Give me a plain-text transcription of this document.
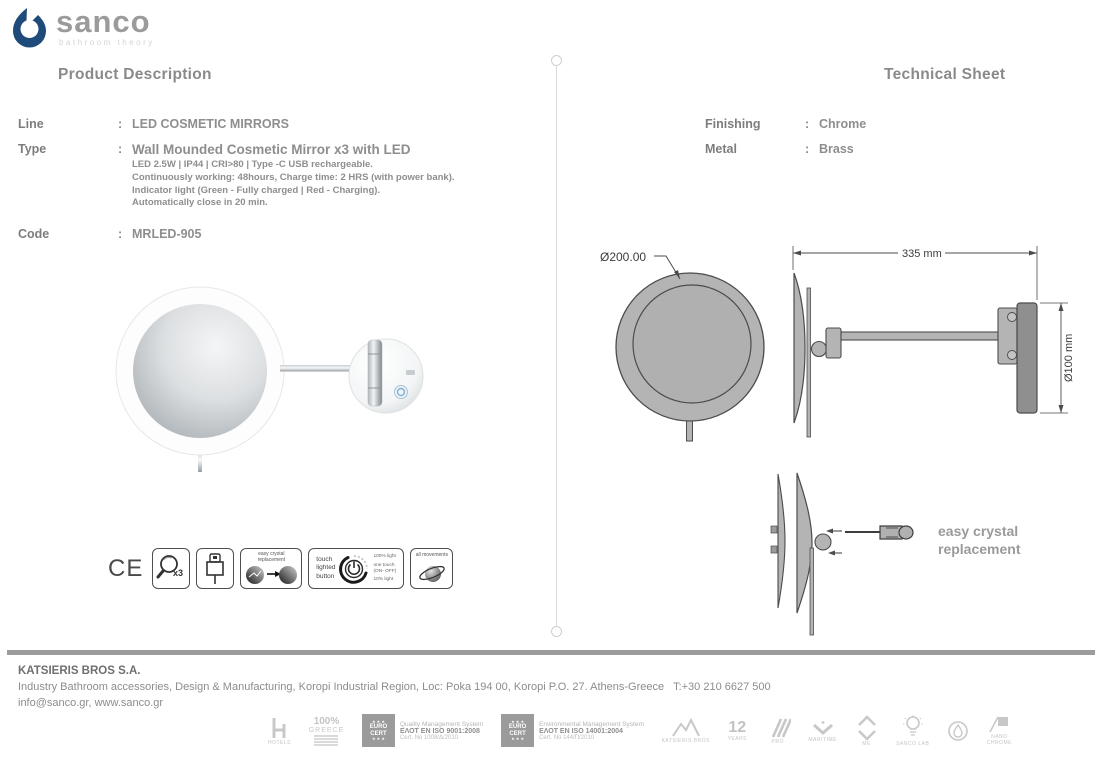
sanco
bathroom theory
Product Description	Technical Sheet
Line	: LED COSMETIC MIRRORS
Type	: Wall Mounded Cosmetic Mirror x3 with LED
LED 2.5W | IP44 | CRI>80 | Type -C USB rechargeable.
Continuously working: 48hours, Charge time: 2 HRS (with power bank).
Indicator light (Green - Fully charged | Red - Charging).
Automatically close in 20 min.
Code	: MRLED-905
Finishing	: Chrome
Metal	: Brass
Ø200.00	335 mm
Ø100 mm
easy crystal
replacement
CE	x3
easy crystal
replacement	touch
lighted
button
100% light
one touch
(ON- OFF)
10% light
all movements
KATSIERIS BROS S.A.
Industry Bathroom accessories, Design & Manufacturing, Koropi Industrial Region, Loc: Poka 194 00, Koropi P.O. 27. Athens-Greece   T:+30 210 6627 500
info@sanco.gr, www.sanco.gr
HOTELS
100%
GREECE
★ ★ ★
EURO
CERT
★ ★ ★
Quality Management System
ΕΛΟΤ EN ISO 9001:2008
Cert. No 1008/Δ/2010
★ ★ ★
EURO
CERT
★ ★ ★
Environmental Management System
ΕΛΟΤ EN ISO 14001:2004
Cert. No 144/Π/2010	KATSIERIS BROS
12
YEARS	PRO	MARITIME
ME	SANCO LAB
NANO
CHROME
